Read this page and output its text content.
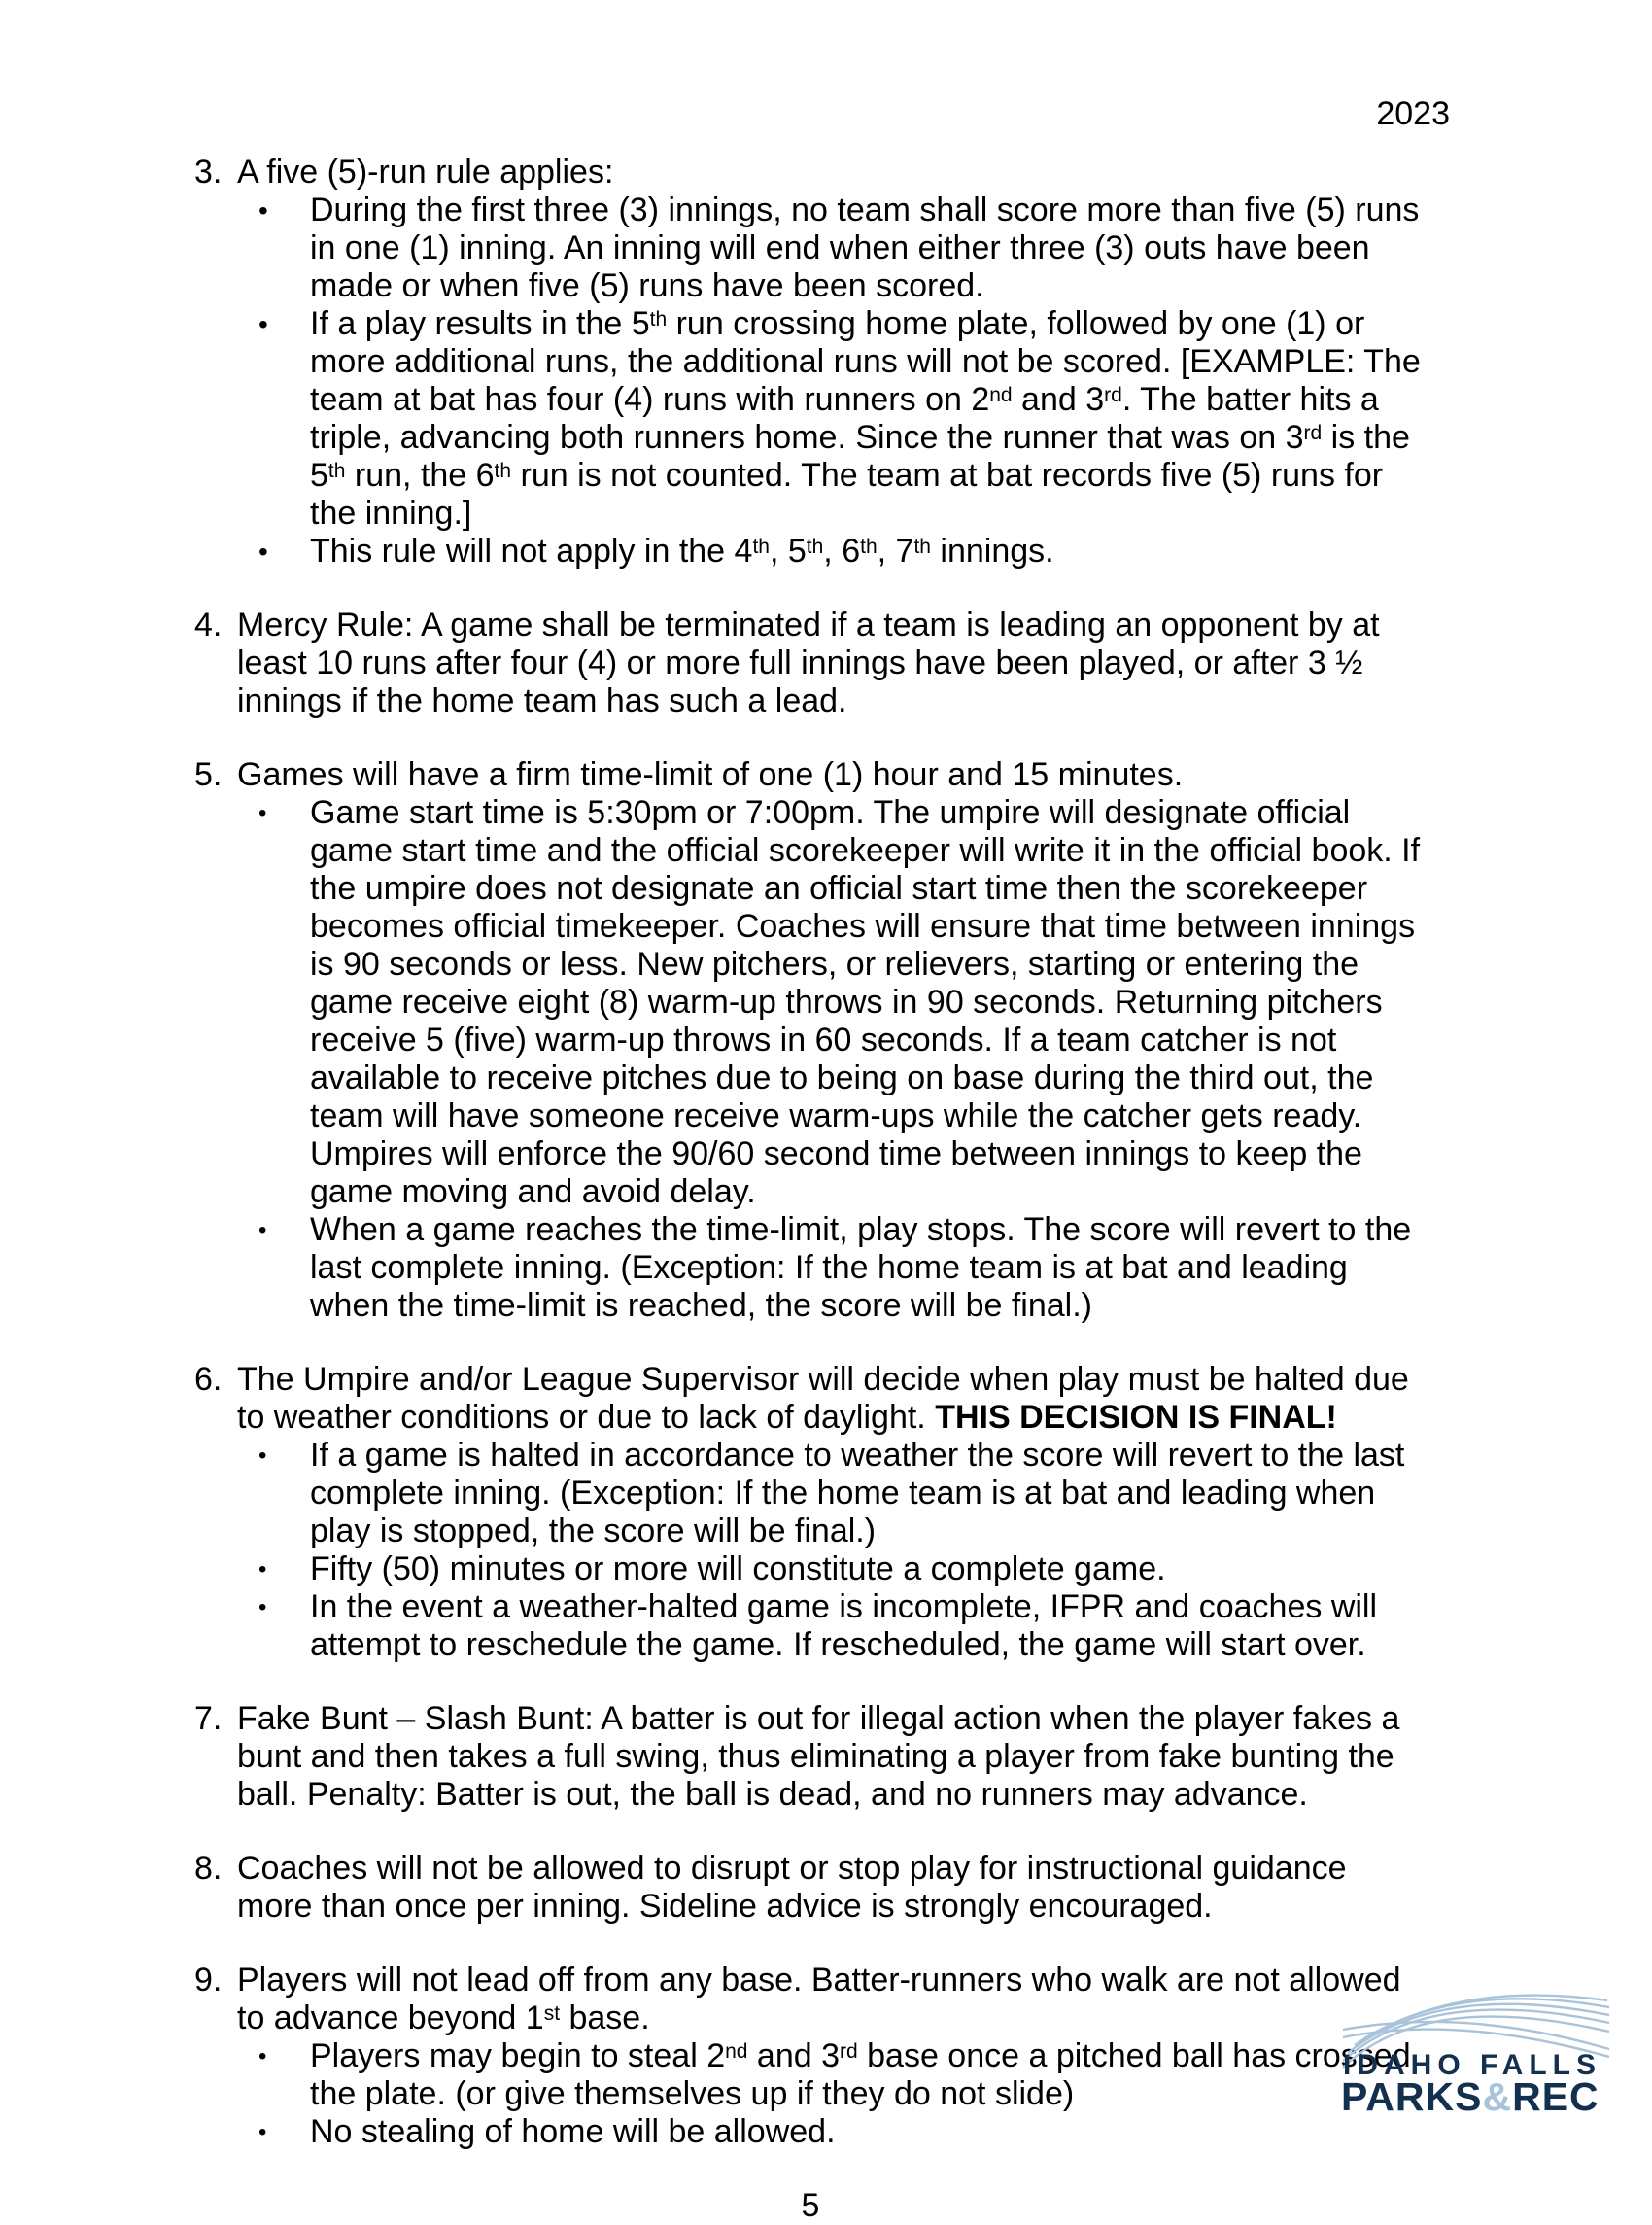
2023
3. A five (5)-run rule applies:
•	During the first three (3) innings, no team shall score more than five (5) runs in one (1) inning. An inning will end when either three (3) outs have been made or when five (5) runs have been scored.
•	If a play results in the 5th run crossing home plate, followed by one (1) or more additional runs, the additional runs will not be scored. [EXAMPLE: The team at bat has four (4) runs with runners on 2nd and 3rd. The batter hits a triple, advancing both runners home. Since the runner that was on 3rd is the 5th run, the 6th run is not counted. The team at bat records five (5) runs for the inning.]
•	This rule will not apply in the 4th, 5th, 6th, 7th innings.
4. Mercy Rule: A game shall be terminated if a team is leading an opponent by at least 10 runs after four (4) or more full innings have been played, or after 3 ½ innings if the home team has such a lead.
5. Games will have a firm time-limit of one (1) hour and 15 minutes.
•	Game start time is 5:30pm or 7:00pm. The umpire will designate official game start time and the official scorekeeper will write it in the official book. If the umpire does not designate an official start time then the scorekeeper becomes official timekeeper. Coaches will ensure that time between innings is 90 seconds or less. New pitchers, or relievers, starting or entering the game receive eight (8) warm-up throws in 90 seconds. Returning pitchers receive 5 (five) warm-up throws in 60 seconds. If a team catcher is not available to receive pitches due to being on base during the third out, the team will have someone receive warm-ups while the catcher gets ready. Umpires will enforce the 90/60 second time between innings to keep the game moving and avoid delay.
•	When a game reaches the time-limit, play stops. The score will revert to the last complete inning. (Exception: If the home team is at bat and leading when the time-limit is reached, the score will be final.)
6. The Umpire and/or League Supervisor will decide when play must be halted due to weather conditions or due to lack of daylight. THIS DECISION IS FINAL!
•	If a game is halted in accordance to weather the score will revert to the last complete inning. (Exception: If the home team is at bat and leading when play is stopped, the score will be final.)
•	Fifty (50) minutes or more will constitute a complete game.
•	In the event a weather-halted game is incomplete, IFPR and coaches will attempt to reschedule the game. If rescheduled, the game will start over.
7. Fake Bunt – Slash Bunt: A batter is out for illegal action when the player fakes a bunt and then takes a full swing, thus eliminating a player from fake bunting the ball. Penalty: Batter is out, the ball is dead, and no runners may advance.
8. Coaches will not be allowed to disrupt or stop play for instructional guidance more than once per inning. Sideline advice is strongly encouraged.
9. Players will not lead off from any base. Batter-runners who walk are not allowed to advance beyond 1st base.
•	Players may begin to steal 2nd and 3rd base once a pitched ball has crossed the plate. (or give themselves up if they do not slide)
•	No stealing of home will be allowed.
5
IDAHO FALLS
PARKS&REC
